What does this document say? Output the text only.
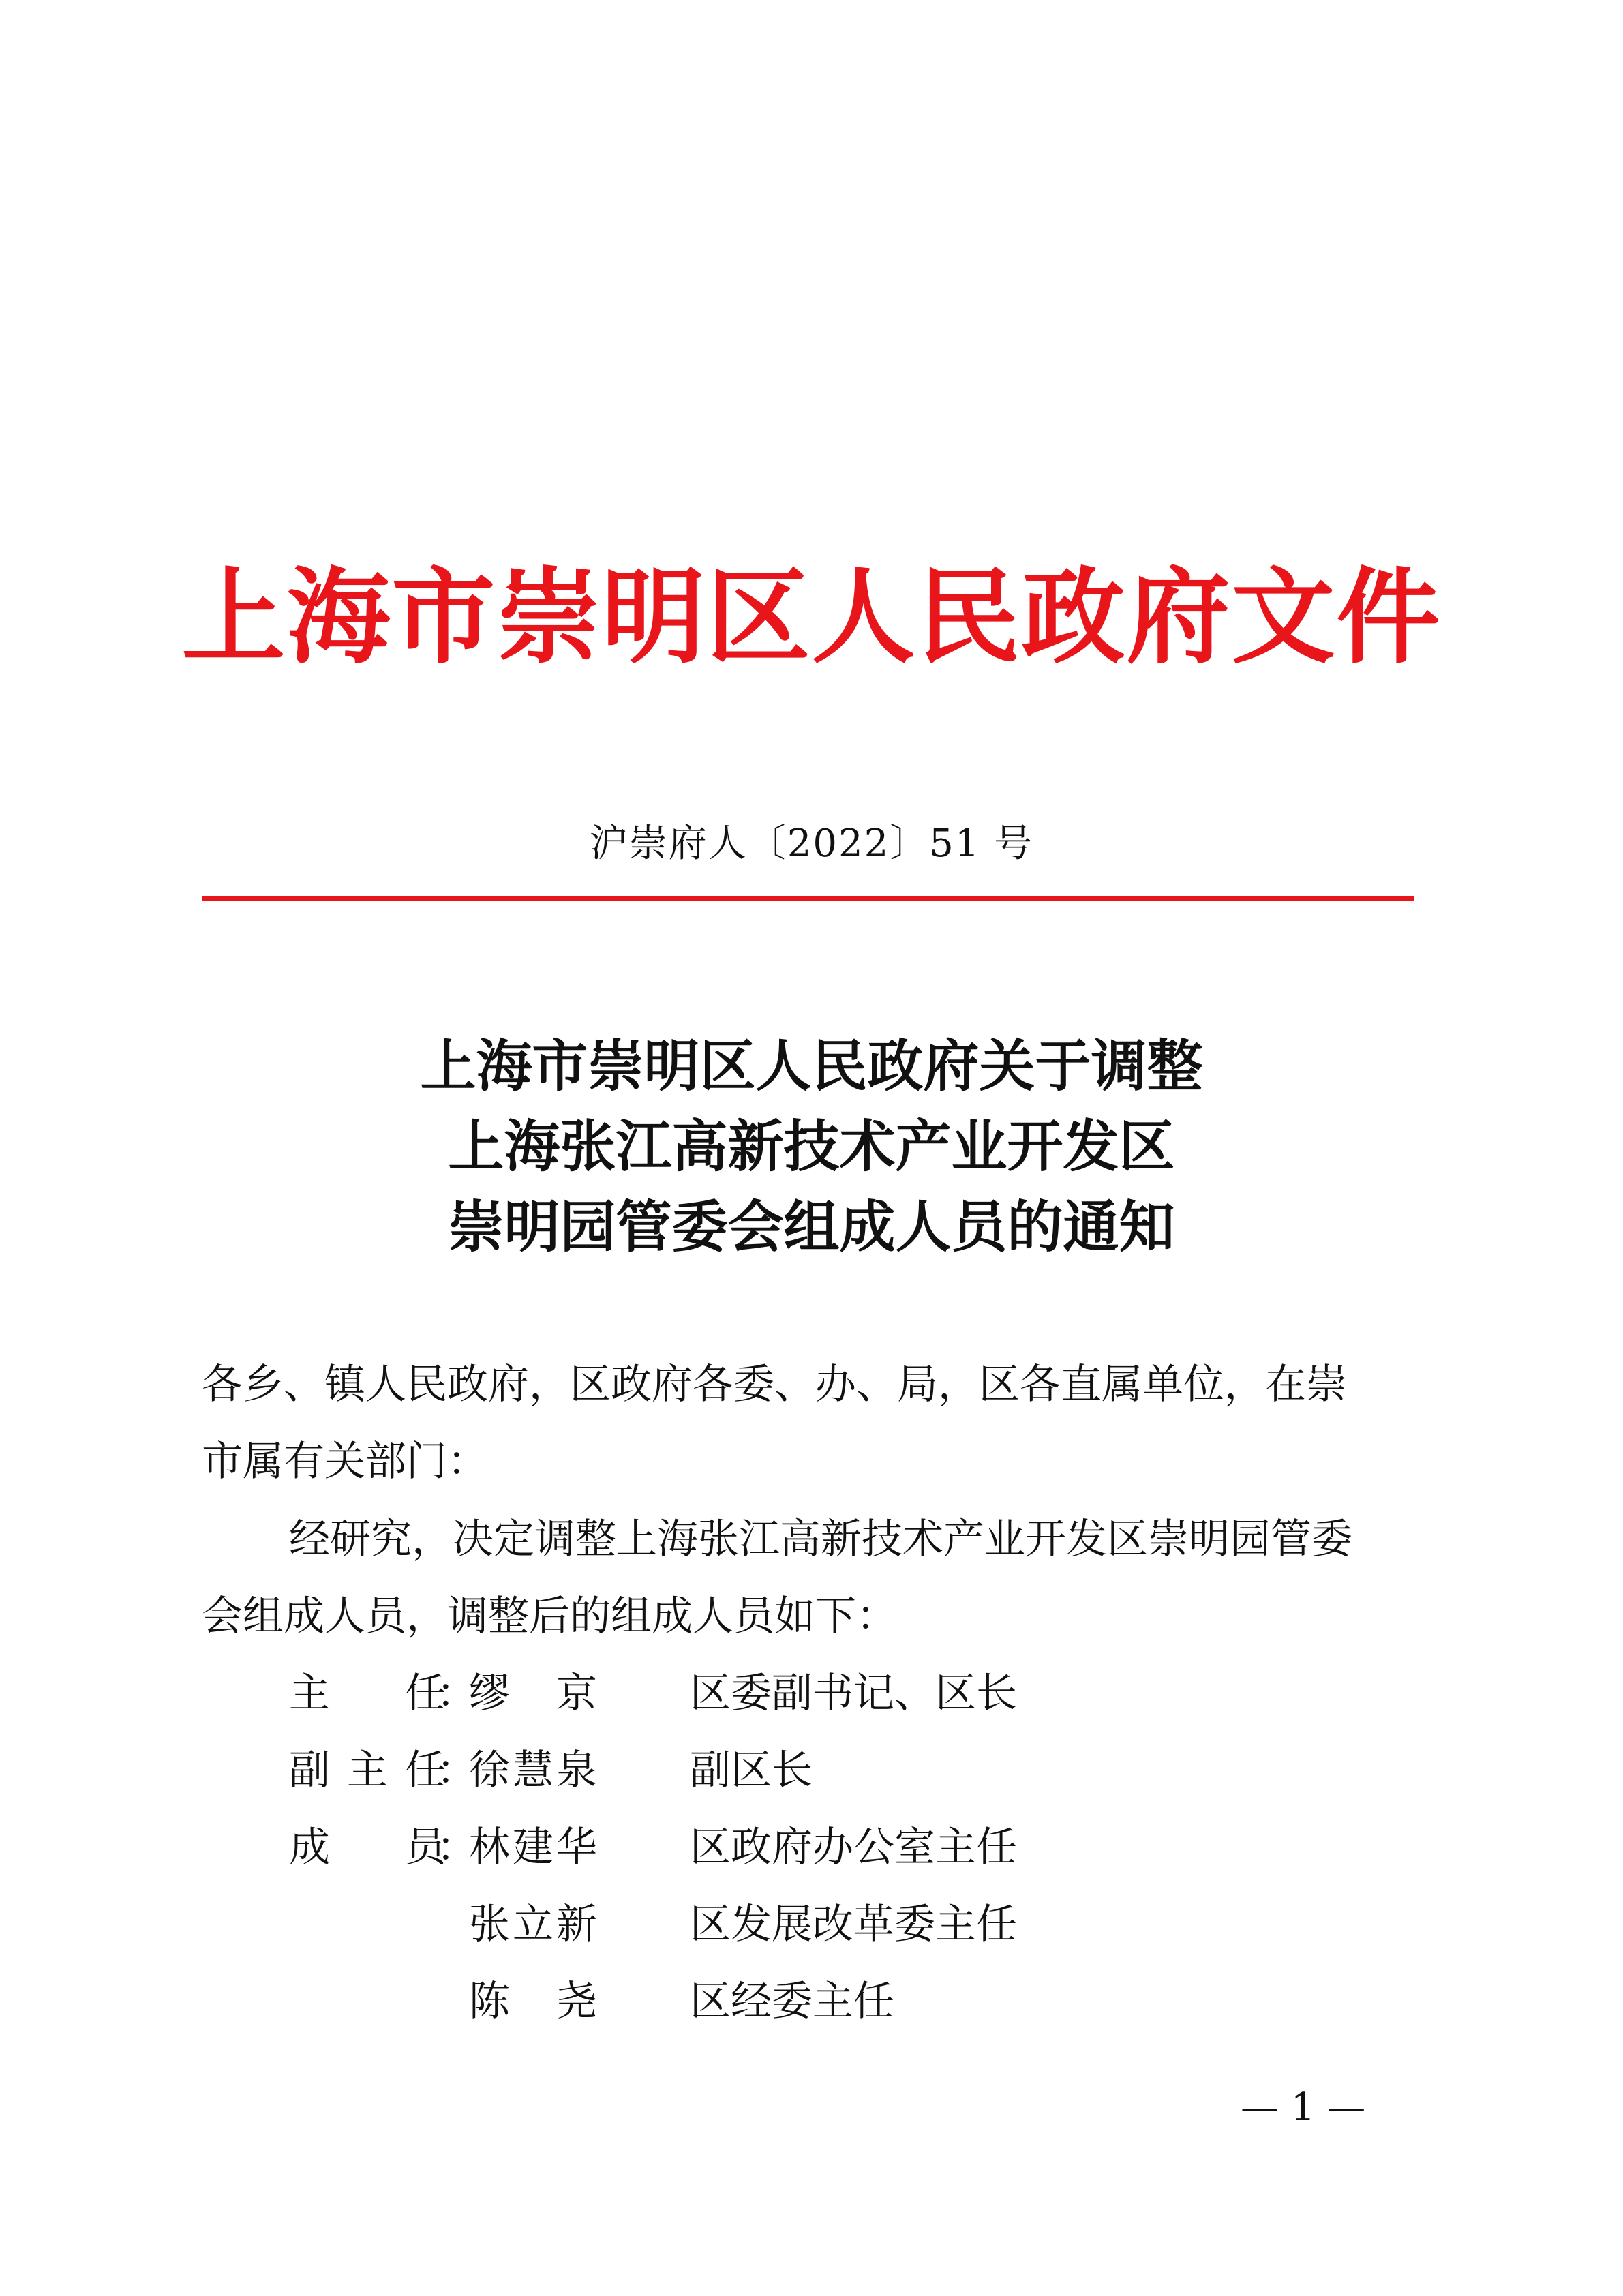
上海市崇明区人民政府文件
沪崇府人〔2022〕51 号
上海市崇明区人民政府关于调整
上海张江高新技术产业开发区
崇明园管委会组成人员的通知
各乡、镇人民政府，区政府各委、办、局，区各直属单位，在崇
市属有关部门：
经研究，决定调整上海张江高新技术产业开发区崇明园管委
会组成人员，调整后的组成人员如下：
主任
：
缪京 区委副书记、区长
副主任
：
徐慧泉 副区长
成员
：
林建华 区政府办公室主任
张立新 区发展改革委主任
陈尧 区经委主任
— 1 —
